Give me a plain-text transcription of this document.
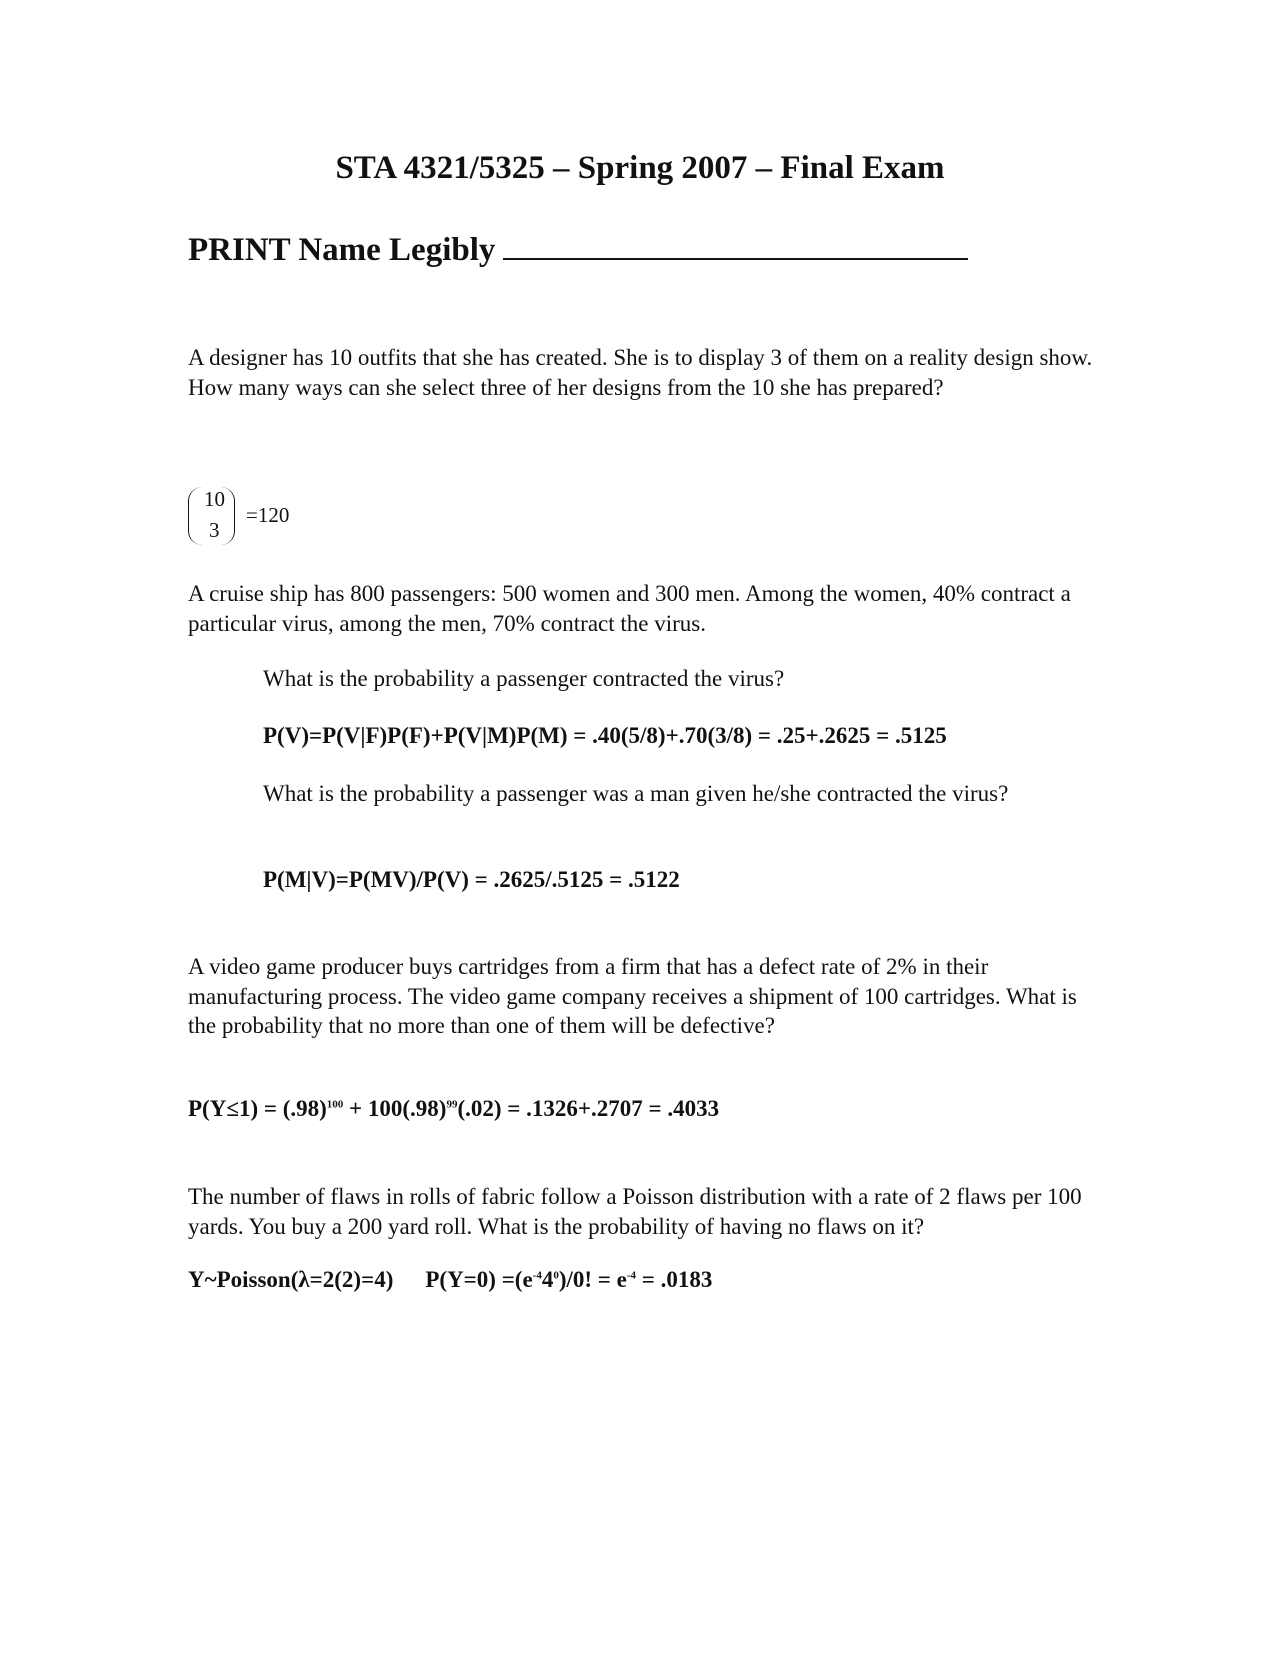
STA 4321/5325 – Spring 2007 – Final Exam
PRINT Name Legibly
A designer has 10 outfits that she has created. She is to display 3 of them on a reality design show. How many ways can she select three of her designs from the 10 she has prepared?
10
3
=120
A cruise ship has 800 passengers: 500 women and 300 men. Among the women, 40% contract a particular virus, among the men, 70% contract the virus.
What is the probability a passenger contracted the virus?
P(V)=P(V|F)P(F)+P(V|M)P(M) = .40(5/8)+.70(3/8) = .25+.2625 = .5125
What is the probability a passenger was a man given he/she contracted the virus?
P(M|V)=P(MV)/P(V) = .2625/.5125 = .5122
A video game producer buys cartridges from a firm that has a defect rate of 2% in their manufacturing process. The video game company receives a shipment of 100 cartridges. What is the probability that no more than one of them will be defective?
$P(Y\le 1) = (.98)^{100} + 100(.98)^{99}(.02) = .1326+.2707 = .4033$
The number of flaws in rolls of fabric follow a Poisson distribution with a rate of 2 flaws per 100 yards. You buy a 200 yard roll. What is the probability of having no flaws on it?
Y~Poisson(λ=2(2)=4) $P(Y=0) =(e^{-4}4^0)/0$! = $e^{-4} = .0183$
